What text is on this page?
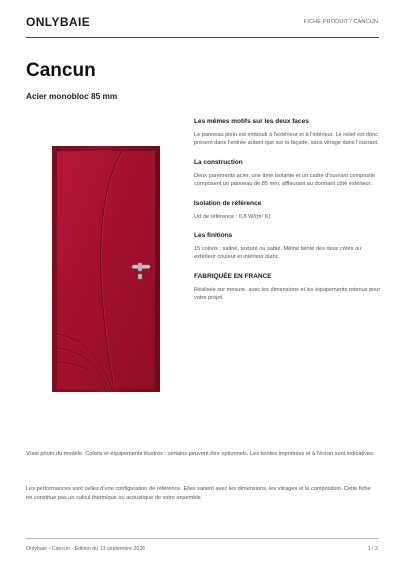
ONLYBAIE	FICHE PRODUIT / CANCUN
Cancun
Acier monobloc 85 mm
Les mêmes motifs sur les deux faces

Le panneau plein est embouti à l'extérieur et à l'intérieur. Le relief est donc présent dans l'entrée autant que sur la façade, sans vitrage dans l'ouvrant.

La construction

Deux parements acier, une âme isolante et un cadre d'ouvrant composite composent un panneau de 85 mm, affleurant au dormant côté extérieur.

Isolation de référence

Ud de référence : 0,8 W/(m² K).

Les finitions

15 coloris : satiné, texturé ou sablé. Même teinte des deux côtés ou extérieur couleur et intérieur blanc.

FABRIQUÉE EN FRANCE

Réalisée sur mesure, avec les dimensions et les équipements retenus pour votre projet.

Vraie photo du modèle. Coloris et équipements illustrés : certains peuvent être optionnels. Les teintes imprimées et à l'écran sont indicatives.
Les performances sont celles d'une configuration de référence. Elles varient avec les dimensions, les vitrages et la composition. Cette fiche ne constitue pas un calcul thermique ou acoustique de votre ensemble.
Onlybaie - Cancun - Édition du 13 septembre 2026	1 / 2
